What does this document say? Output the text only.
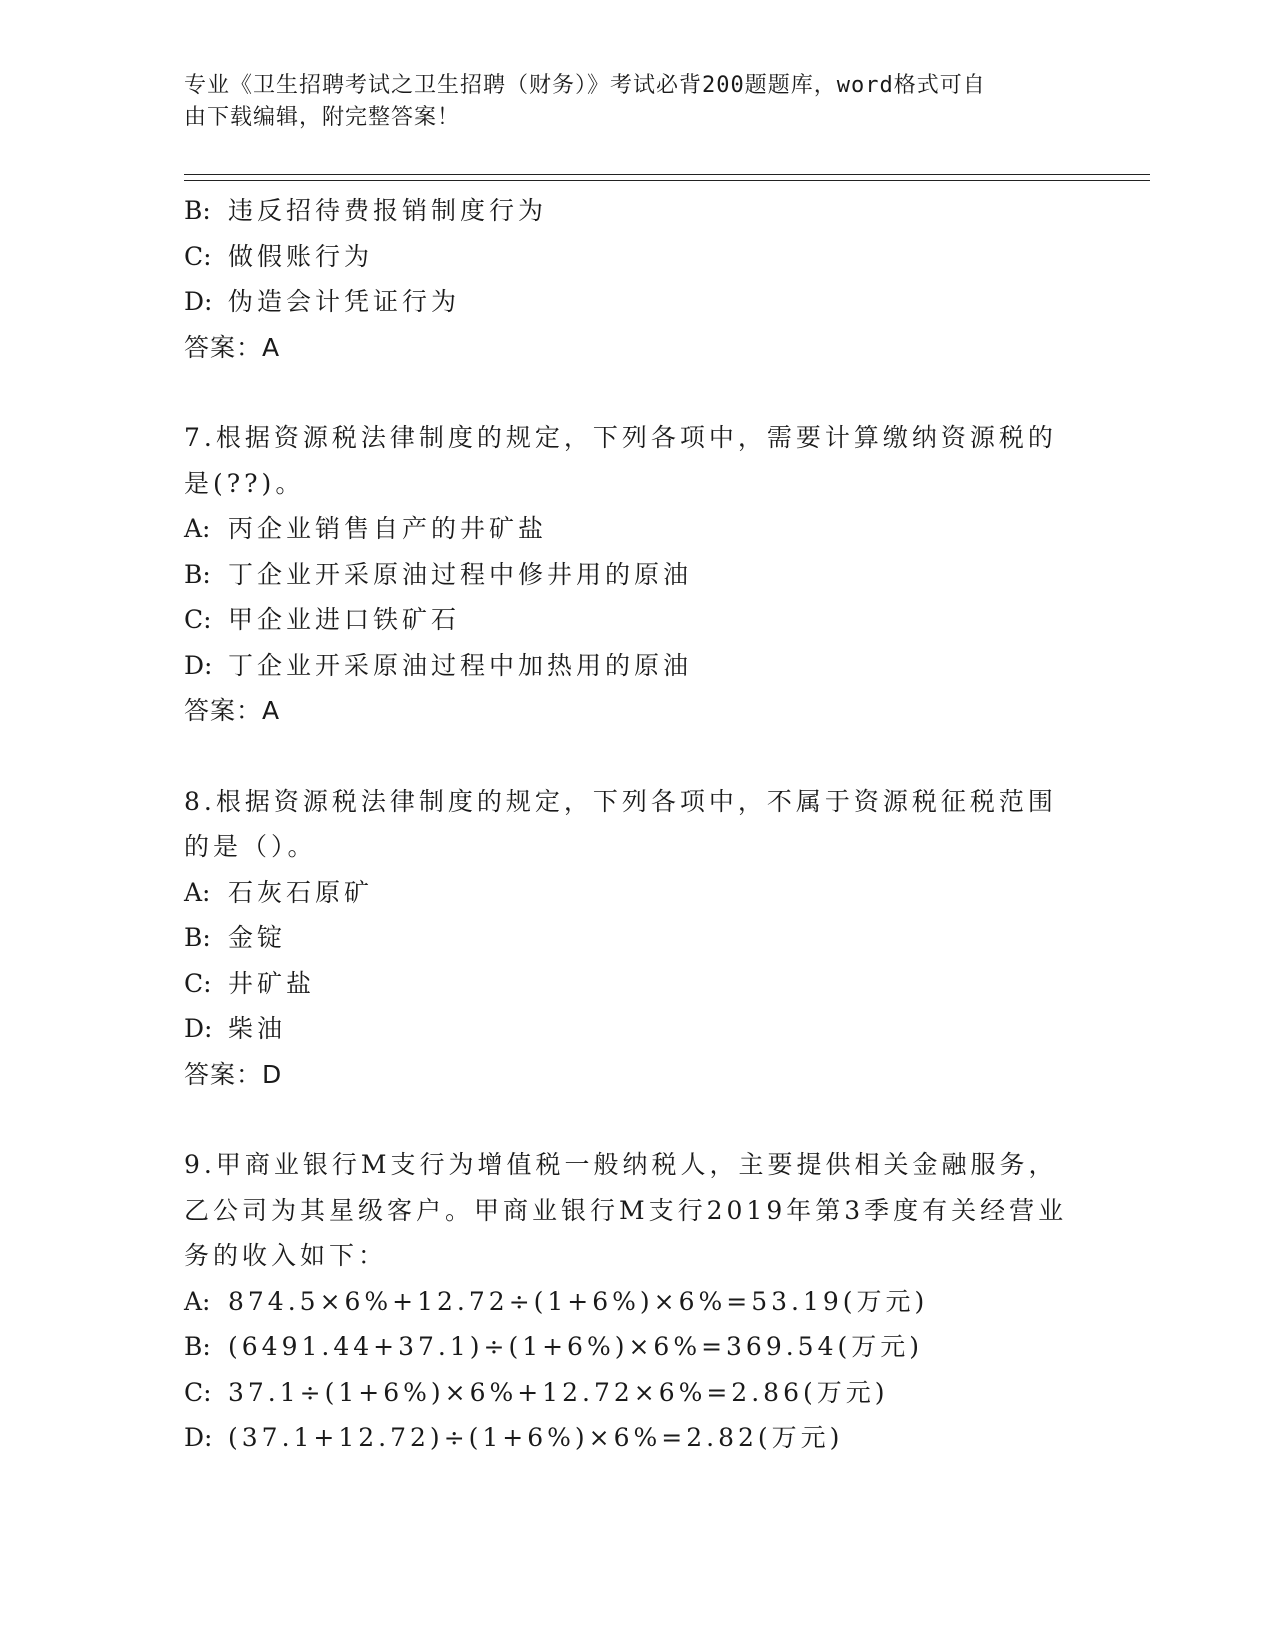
专业《卫生招聘考试之卫生招聘（财务）》考试必背200题题库，word格式可自
由下载编辑，附完整答案！
B: 违反招待费报销制度行为
C: 做假账行为
D: 伪造会计凭证行为
答案：A
7.根据资源税法律制度的规定，下列各项中，需要计算缴纳资源税的
是(??)。
A: 丙企业销售自产的井矿盐
B: 丁企业开采原油过程中修井用的原油
C: 甲企业进口铁矿石
D: 丁企业开采原油过程中加热用的原油
答案：A
8.根据资源税法律制度的规定，下列各项中，不属于资源税征税范围
的是（）。
A: 石灰石原矿
B: 金锭
C: 井矿盐
D: 柴油
答案：D
9.甲商业银行M支行为增值税一般纳税人，主要提供相关金融服务，
乙公司为其星级客户。甲商业银行M支行2019年第3季度有关经营业
务的收入如下：
A: 874.5×6%+12.72÷(1+6%)×6%=53.19(万元)
B: (6491.44+37.1)÷(1+6%)×6%=369.54(万元)
C: 37.1÷(1+6%)×6%+12.72×6%=2.86(万元)
D: (37.1+12.72)÷(1+6%)×6%=2.82(万元)
